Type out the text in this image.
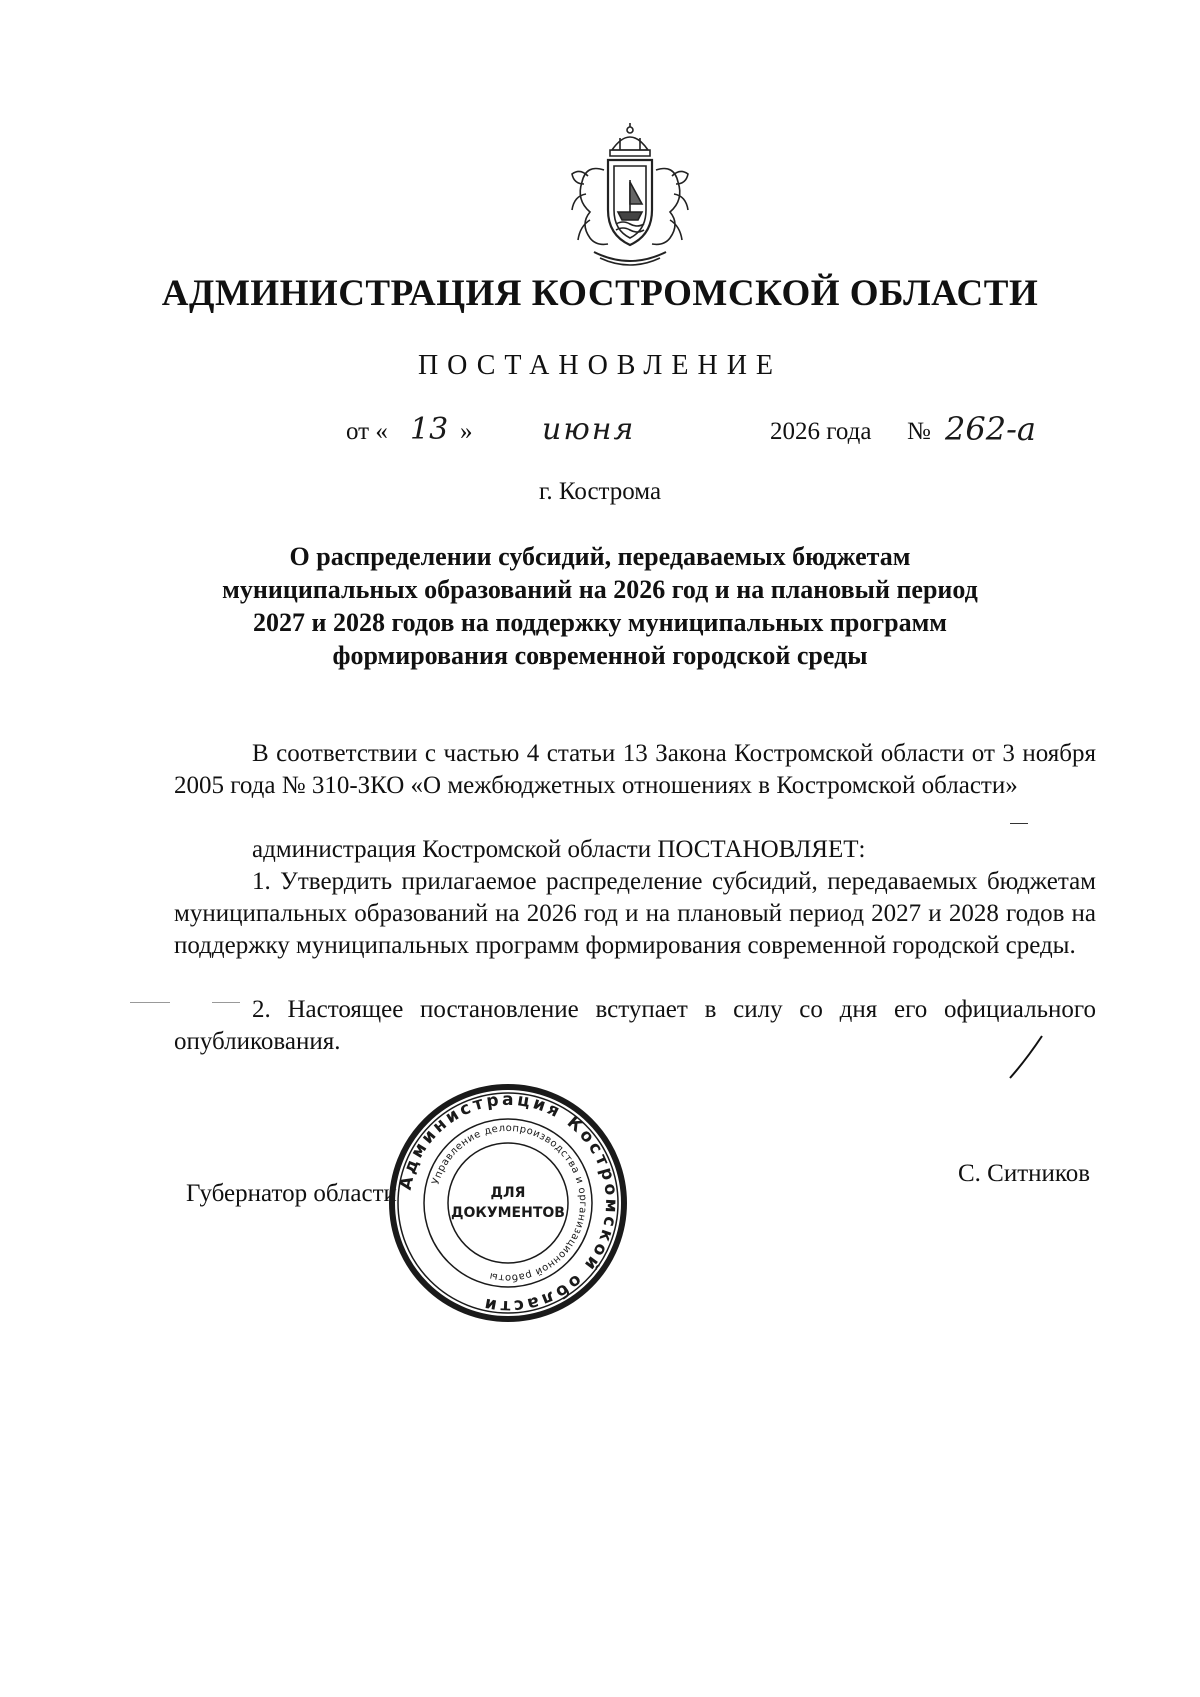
АДМИНИСТРАЦИЯ КОСТРОМСКОЙ ОБЛАСТИ
ПОСТАНОВЛЕНИЕ
от « 13 » июня	2026 года № 262-а
г. Кострома
О распределении субсидий, передаваемых бюджетам
муниципальных образований на 2026 год и на плановый период
2027 и 2028 годов на поддержку муниципальных программ
формирования современной городской среды

В соответствии с частью 4 статьи 13 Закона Костромской области от 3 ноября 2005 года № 310-ЗКО «О межбюджетных отношениях в Костромской области»

администрация Костромской области ПОСТАНОВЛЯЕТ:

1. Утвердить прилагаемое распределение субсидий, передаваемых бюджетам муниципальных образований на 2026 год и на плановый период 2027 и 2028 годов на поддержку муниципальных программ формирования современной городской среды.

2. Настоящее постановление вступает в силу со дня его официального опубликования.

Губернатор области
С. Ситников
Администрация Костромской области
Управление делопроизводства и организационной работы
ДЛЯ
ДОКУМЕНТОВ
